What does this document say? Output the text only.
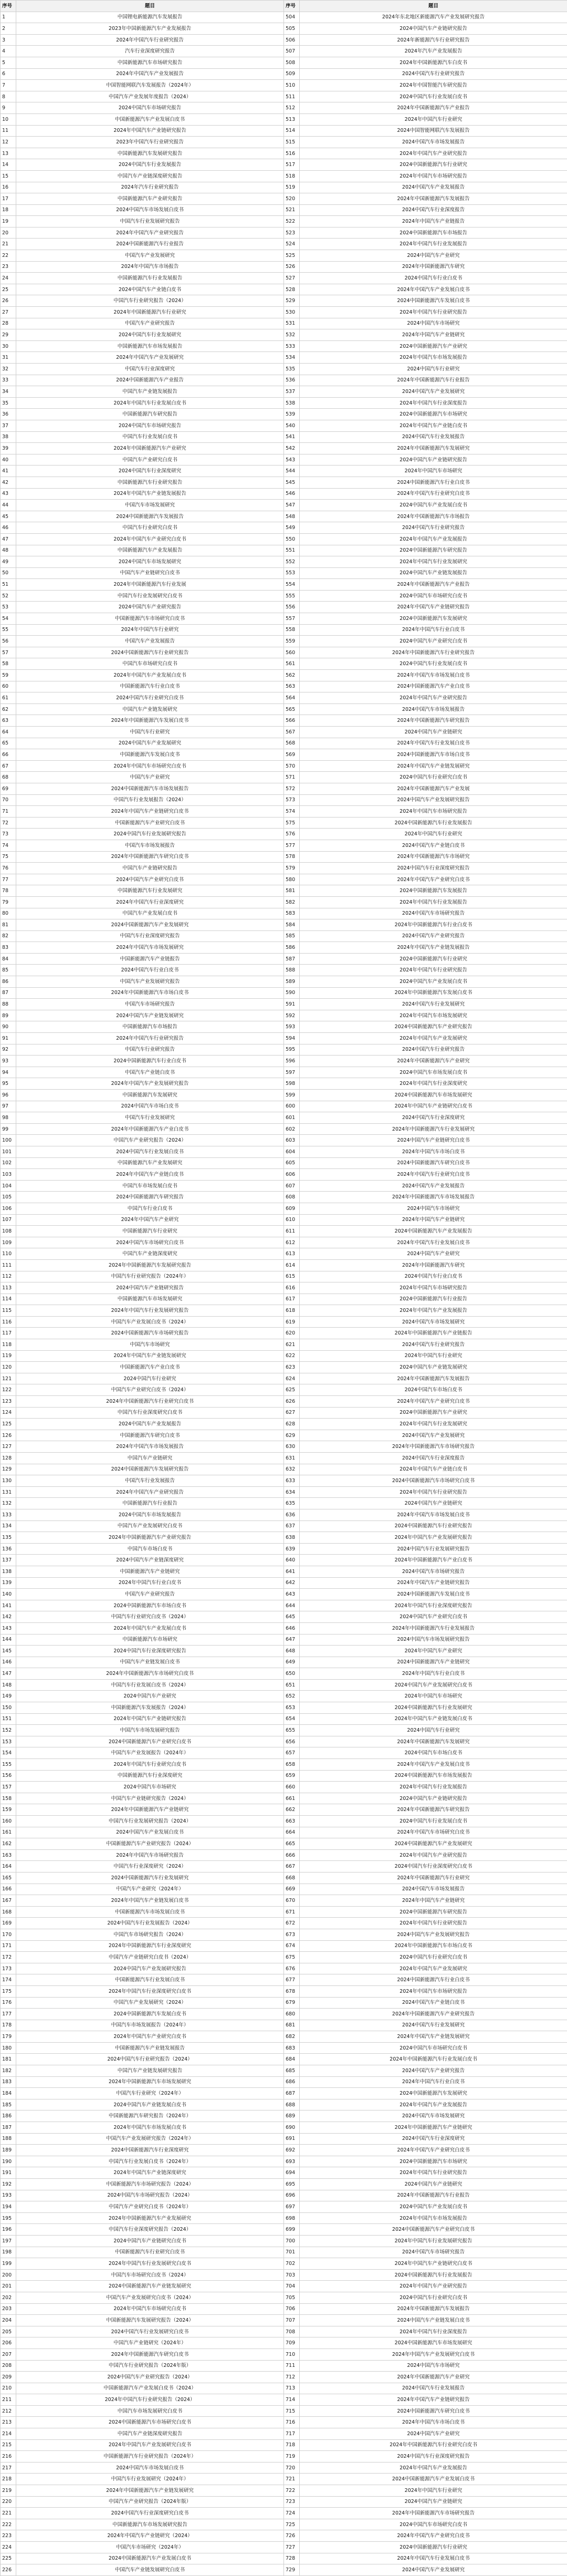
序号	题目	序号	题目
1	中国锂电新能源汽车发展报告	504	2024年东北地区新能源汽车产业发展研究报告
2	2023年中国新能源汽车产业发展报告	505	2024中国汽车产业链研究报告
3	2024年中国汽车行业研究报告	506	2024年新能源汽车行业研究报告
4	汽车行业深度研究报告	507	2024年汽车产业发展报告
5	中国新能源汽车市场研究报告	508	2024年中国新能源汽车白皮书
6	2024年中国汽车产业发展报告	509	2024中国汽车行业研究报告
7	中国智能网联汽车发展报告（2024年）	510	2024年中国智能汽车研究报告
8	中国汽车产业发展年度报告（2024）	511	2024中国汽车行业发展白皮书
9	2024中国汽车市场研究报告	512	2024年中国新能源汽车产业报告
10	中国新能源汽车产业发展白皮书	513	2024年中国汽车行业研究
11	2024年中国汽车产业链研究报告	514	2024中国智能网联汽车发展报告
12	2023年中国汽车行业研究报告	515	2024中国汽车市场发展报告
13	中国新能源汽车发展研究报告	516	2024年中国汽车产业研究报告
14	2024中国汽车行业发展报告	517	2024中国新能源汽车行业研究
15	中国汽车产业链深度研究报告	518	2024年中国汽车市场研究报告
16	2024年汽车行业研究报告	519	2024中国汽车产业发展报告
17	中国新能源汽车产业研究报告	520	2024年中国新能源汽车发展报告
18	2024中国汽车市场发展白皮书	521	2024中国汽车行业深度报告
19	中国汽车行业发展研究报告	522	2024年中国汽车产业链报告
20	2024年中国汽车产业研究报告	523	2024中国新能源汽车市场报告
21	2024中国新能源汽车行业报告	524	2024年中国汽车行业发展报告
22	中国汽车产业发展研究	525	2024中国汽车产业研究
23	2024年中国汽车市场报告	526	2024年中国新能源汽车研究
24	中国新能源汽车行业发展报告	527	2024中国汽车行业白皮书
25	2024中国汽车产业链白皮书	528	2024年中国汽车产业发展白皮书
26	中国汽车行业研究报告（2024）	529	2024中国新能源汽车发展白皮书
27	2024年中国新能源汽车行业研究	530	2024年中国汽车行业研究报告
28	中国汽车产业研究报告	531	2024中国汽车市场研究
29	2024中国汽车行业发展研究	532	2024年中国汽车产业链研究
30	中国新能源汽车市场发展报告	533	2024中国新能源汽车产业研究
31	2024年中国汽车产业发展研究	534	2024年中国汽车市场发展报告
32	中国汽车行业深度研究	535	2024中国汽车行业研究
33	2024中国新能源汽车产业报告	536	2024年中国新能源汽车行业报告
34	中国汽车产业链发展报告	537	2024中国汽车产业发展研究
35	2024年中国汽车行业发展白皮书	538	2024年中国汽车行业深度报告
36	中国新能源汽车研究报告	539	2024中国新能源汽车市场研究
37	2024中国汽车市场研究报告	540	2024年中国汽车产业链白皮书
38	中国汽车行业发展白皮书	541	2024中国汽车行业发展报告
39	2024年中国新能源汽车产业研究	542	2024年中国新能源汽车发展研究
40	中国汽车产业研究白皮书	543	2024中国汽车产业链研究报告
41	2024中国汽车行业深度研究	544	2024年中国汽车市场研究
42	中国新能源汽车行业研究报告	545	2024中国新能源汽车行业白皮书
43	2024年中国汽车产业链发展报告	546	2024年中国汽车行业研究白皮书
44	中国汽车市场发展研究	547	2024中国汽车产业发展白皮书
45	2024中国新能源汽车发展报告	548	2024年中国新能源汽车市场报告
46	中国汽车行业研究白皮书	549	2024中国汽车行业研究报告
47	2024年中国汽车产业研究白皮书	550	2024年中国汽车产业发展报告
48	中国新能源汽车产业发展报告	551	2024中国新能源汽车研究报告
49	2024中国汽车市场发展研究	552	2024年中国汽车行业发展研究
50	中国汽车产业链研究白皮书	553	2024中国汽车产业链发展报告
51	2024年中国新能源汽车行业发展	554	2024年中国新能源汽车产业报告
52	中国汽车行业发展研究白皮书	555	2024中国汽车市场研究白皮书
53	2024中国汽车产业研究报告	556	2024年中国汽车产业链研究报告
54	中国新能源汽车市场研究白皮书	557	2024中国新能源汽车发展研究
55	2024年中国汽车行业研究	558	2024年中国汽车行业白皮书
56	中国汽车产业发展报告	559	2024中国汽车产业研究白皮书
57	2024中国新能源汽车行业研究报告	560	2024年中国新能源汽车行业研究报告
58	中国汽车市场研究白皮书	561	2024中国汽车行业发展白皮书
59	2024年中国汽车产业发展白皮书	562	2024年中国汽车市场发展白皮书
60	中国新能源汽车行业白皮书	563	2024中国新能源汽车产业白皮书
61	2024中国汽车行业研究白皮书	564	2024年中国汽车产业研究报告
62	中国汽车产业链发展研究	565	2024中国汽车市场发展报告
63	2024年中国新能源汽车发展白皮书	566	2024年中国新能源汽车研究报告
64	中国汽车行业研究	567	2024中国汽车产业链研究
65	2024中国汽车产业发展研究	568	2024年中国汽车行业发展白皮书
66	中国新能源汽车发展白皮书	569	2024中国新能源汽车市场白皮书
67	2024年中国汽车市场研究白皮书	570	2024年中国汽车产业链发展研究
68	中国汽车产业研究	571	2024中国汽车行业研究白皮书
69	2024中国新能源汽车市场发展报告	572	2024年中国新能源汽车产业发展
70	中国汽车行业发展报告（2024）	573	2024中国汽车产业发展研究报告
71	2024年中国汽车产业链研究白皮书	574	2024年中国汽车市场研究报告
72	中国新能源汽车产业研究白皮书	575	2024中国新能源汽车行业发展报告
73	2024中国汽车行业发展研究报告	576	2024年中国汽车行业研究
74	中国汽车市场发展报告	577	2024中国汽车产业链白皮书
75	2024年中国新能源汽车研究白皮书	578	2024年中国新能源汽车市场研究
76	中国汽车产业链研究报告	579	2024中国汽车行业深度研究报告
77	2024中国汽车产业研究白皮书	580	2024年中国汽车产业研究白皮书
78	中国新能源汽车行业发展研究	581	2024中国新能源汽车发展报告
79	2024年中国汽车行业深度研究	582	2024年中国汽车行业发展报告
80	中国汽车产业发展白皮书	583	2024中国汽车市场研究报告
81	2024中国新能源汽车产业发展研究	584	2024年中国新能源汽车行业白皮书
82	中国汽车行业深度研究报告	585	2024中国汽车产业研究报告
83	2024年中国汽车市场发展研究	586	2024年中国汽车产业链发展报告
84	中国新能源汽车产业链报告	587	2024中国新能源汽车行业研究
85	2024中国汽车行业白皮书	588	2024年中国汽车行业研究报告
86	中国汽车产业发展研究报告	589	2024中国汽车产业发展白皮书
87	2024年中国新能源汽车市场白皮书	590	2024年中国新能源汽车发展白皮书
88	中国汽车市场研究报告	591	2024中国汽车行业发展研究
89	2024中国汽车产业链发展研究	592	2024年中国汽车市场发展研究
90	中国新能源汽车市场报告	593	2024中国新能源汽车产业研究报告
91	2024年中国汽车行业研究报告	594	2024年中国汽车产业发展研究
92	中国汽车行业研究报告	595	2024中国汽车行业研究报告
93	2024中国新能源汽车行业白皮书	596	2024年中国新能源汽车产业研究
94	中国汽车产业链白皮书	597	2024中国汽车市场发展白皮书
95	2024年中国汽车产业发展研究报告	598	2024年中国汽车行业深度研究
96	中国新能源汽车发展研究	599	2024中国新能源汽车市场发展研究
97	2024中国汽车市场白皮书	600	2024年中国汽车产业链研究白皮书
98	中国汽车行业发展研究	601	2024中国汽车行业深度研究
99	2024年中国新能源汽车产业白皮书	602	2024年中国新能源汽车行业发展研究
100	中国汽车产业研究报告（2024）	603	2024中国汽车产业链研究白皮书
101	2024中国汽车行业发展白皮书	604	2024年中国汽车市场白皮书
102	中国新能源汽车产业发展研究	605	2024中国新能源汽车研究白皮书
103	2024年中国汽车产业链白皮书	606	2024年中国汽车行业研究白皮书
104	中国汽车市场发展白皮书	607	2024中国汽车产业发展报告
105	2024中国新能源汽车研究报告	608	2024年中国新能源汽车市场发展报告
106	中国汽车行业白皮书	609	2024中国汽车市场研究
107	2024年中国汽车产业研究	610	2024年中国汽车产业链研究
108	中国新能源汽车行业研究	611	2024中国新能源汽车产业发展报告
109	2024中国汽车市场研究白皮书	612	2024年中国汽车行业发展白皮书
110	中国汽车产业链深度研究	613	2024中国汽车产业研究
111	2024年中国新能源汽车发展研究报告	614	2024年中国新能源汽车研究
112	中国汽车行业研究报告（2024年）	615	2024中国汽车行业白皮书
113	2024中国汽车产业链研究报告	616	2024年中国汽车市场研究报告
114	中国新能源汽车市场发展研究	617	2024中国新能源汽车行业报告
115	2024年中国汽车行业发展研究报告	618	2024年中国汽车产业发展报告
116	中国汽车产业发展白皮书（2024）	619	2024中国汽车市场发展研究
117	2024中国新能源汽车市场研究报告	620	2024年中国新能源汽车产业链报告
118	中国汽车市场研究	621	2024中国汽车行业研究报告
119	2024年中国汽车产业链发展研究	622	2024年中国汽车行业研究
120	中国新能源汽车产业白皮书	623	2024中国汽车产业链发展研究
121	2024中国汽车行业研究	624	2024年中国新能源汽车发展报告
122	中国汽车产业研究白皮书（2024）	625	2024中国汽车市场白皮书
123	2024年中国新能源汽车行业研究白皮书	626	2024年中国汽车产业研究白皮书
124	中国汽车行业深度研究白皮书	627	2024中国新能源汽车产业研究
125	2024中国汽车产业发展报告	628	2024年中国汽车行业发展研究
126	中国新能源汽车研究白皮书	629	2024中国汽车产业发展研究
127	2024年中国汽车市场发展报告	630	2024年中国新能源汽车市场研究报告
128	中国汽车产业链研究	631	2024中国汽车行业深度报告
129	2024中国新能源汽车发展研究报告	632	2024年中国汽车产业链白皮书
130	中国汽车行业发展报告	633	2024中国新能源汽车市场研究白皮书
131	2024年中国汽车产业研究报告	634	2024年中国汽车行业研究报告
132	中国新能源汽车行业报告	635	2024中国汽车产业链研究
133	2024中国汽车市场发展报告	636	2024年中国汽车市场发展白皮书
134	中国汽车产业发展研究白皮书	637	2024中国新能源汽车行业研究报告
135	2024年中国新能源汽车产业研究报告	638	2024年中国汽车产业发展研究报告
136	中国汽车市场白皮书	639	2024中国汽车行业发展研究报告
137	2024中国汽车产业链深度研究	640	2024年中国新能源汽车产业白皮书
138	中国新能源汽车产业链研究	641	2024中国汽车市场研究报告
139	2024年中国汽车行业白皮书	642	2024年中国汽车产业链研究报告
140	中国汽车产业研究报告	643	2024中国新能源汽车发展白皮书
141	2024中国新能源汽车市场白皮书	644	2024年中国汽车行业深度研究报告
142	中国汽车行业研究白皮书（2024）	645	2024中国汽车产业研究白皮书
143	2024年中国汽车产业发展白皮书	646	2024年中国新能源汽车行业发展报告
144	中国新能源汽车市场研究	647	2024中国汽车市场发展研究报告
145	2024中国汽车行业深度研究报告	648	2024年中国汽车产业研究
146	中国汽车产业链发展白皮书	649	2024中国新能源汽车产业链研究
147	2024年中国新能源汽车市场研究白皮书	650	2024年中国汽车行业白皮书
148	中国汽车行业发展白皮书（2024）	651	2024中国汽车产业发展研究白皮书
149	2024中国汽车产业研究	652	2024年中国汽车市场研究
150	中国新能源汽车发展报告（2024）	653	2024中国新能源汽车行业发展研究
151	2024年中国汽车产业链研究报告	654	2024年中国汽车产业链发展白皮书
152	中国汽车市场发展研究报告	655	2024中国汽车行业研究
153	2024中国新能源汽车产业研究白皮书	656	2024年中国新能源汽车发展研究
154	中国汽车产业发展报告（2024年）	657	2024中国汽车市场白皮书
155	2024年中国汽车行业研究白皮书	658	2024年中国汽车产业发展白皮书
156	中国新能源汽车行业深度研究	659	2024中国新能源汽车市场发展报告
157	2024中国汽车市场研究	660	2024年中国汽车行业发展报告
158	中国汽车产业链研究报告（2024）	661	2024中国汽车产业链研究报告
159	2024年中国新能源汽车产业链研究	662	2024年中国新能源汽车研究报告
160	中国汽车行业发展研究报告（2024）	663	2024中国汽车行业发展白皮书
161	2024中国汽车产业发展白皮书	664	2024年中国汽车市场研究白皮书
162	中国新能源汽车产业研究报告（2024）	665	2024中国新能源汽车产业发展研究
163	2024年中国汽车市场研究报告	666	2024年中国汽车产业研究报告
164	中国汽车行业深度研究（2024）	667	2024中国汽车行业深度研究白皮书
165	2024中国新能源汽车行业发展研究	668	2024年中国新能源汽车行业研究
166	中国汽车产业研究（2024年）	669	2024中国汽车市场发展报告
167	2024年中国汽车产业链发展白皮书	670	2024年中国汽车产业链研究
168	中国新能源汽车市场发展白皮书	671	2024中国新能源汽车研究报告
169	2024中国汽车行业发展报告（2024）	672	2024年中国汽车行业研究报告
170	中国汽车市场研究报告（2024）	673	2024中国汽车产业发展研究报告
171	2024年中国新能源汽车行业深度研究	674	2024年中国新能源汽车市场白皮书
172	中国汽车产业链研究白皮书（2024）	675	2024中国汽车行业研究白皮书
173	2024中国汽车产业发展研究报告	676	2024年中国汽车产业发展研究
174	中国新能源汽车行业发展白皮书	677	2024中国新能源汽车行业白皮书
175	2024年中国汽车行业深度研究白皮书	678	2024年中国汽车市场研究报告
176	中国汽车产业发展研究（2024）	679	2024中国汽车产业链白皮书
177	2024中国新能源汽车发展白皮书	680	2024年中国新能源汽车产业研究报告
178	中国汽车市场发展报告（2024年）	681	2024中国汽车行业发展研究
179	2024年中国汽车产业研究白皮书	682	2024年中国汽车产业链发展研究
180	中国新能源汽车产业链发展报告	683	2024中国汽车市场研究白皮书
181	2024中国汽车行业研究报告（2024）	684	2024年中国新能源汽车行业发展白皮书
182	中国汽车产业链发展研究报告	685	2024中国汽车产业研究报告
183	2024年中国新能源汽车市场发展研究	686	2024年中国汽车行业白皮书
184	中国汽车行业研究（2024年）	687	2024中国新能源汽车发展研究
185	2024中国汽车产业链发展白皮书	688	2024年中国汽车产业发展报告
186	中国新能源汽车研究报告（2024年）	689	2024中国汽车市场发展研究
187	2024年中国汽车市场发展白皮书	690	2024年中国新能源汽车产业链研究
188	中国汽车产业发展研究报告（2024年）	691	2024中国汽车行业深度研究
189	2024中国新能源汽车行业深度研究	692	2024年中国汽车产业研究白皮书
190	中国汽车行业发展白皮书（2024年）	693	2024中国新能源汽车市场研究
191	2024年中国汽车产业链深度研究	694	2024年中国汽车行业研究报告
192	中国新能源汽车市场研究报告（2024）	695	2024中国汽车产业链研究
193	2024中国汽车市场研究报告（2024）	696	2024年中国新能源汽车行业报告
194	中国汽车产业研究白皮书（2024年）	697	2024中国汽车产业发展白皮书
195	2024年中国新能源汽车产业发展研究	698	2024年中国汽车市场发展报告
196	中国汽车行业深度研究报告（2024）	699	2024中国新能源汽车产业研究白皮书
197	2024中国汽车产业链研究白皮书	700	2024年中国汽车行业发展研究报告
198	中国新能源汽车行业研究白皮书	701	2024中国汽车市场研究报告
199	2024年中国汽车行业发展研究白皮书	702	2024年中国汽车产业链研究白皮书
200	中国汽车市场研究白皮书（2024）	703	2024中国新能源汽车行业发展报告
201	2024中国新能源汽车产业链发展研究	704	2024年中国汽车产业研究报告
202	中国汽车产业发展研究白皮书（2024）	705	2024中国汽车行业研究白皮书
203	2024年中国汽车市场研究白皮书	706	2024年中国新能源汽车发展报告
204	中国新能源汽车发展研究报告（2024）	707	2024中国汽车产业链发展白皮书
205	2024中国汽车行业发展研究白皮书	708	2024年中国汽车行业深度报告
206	中国汽车产业链研究（2024年）	709	2024中国新能源汽车市场发展研究
207	2024年中国新能源汽车研究白皮书	710	2024年中国汽车产业发展研究白皮书
208	中国汽车行业研究报告（2024年版）	711	2024中国汽车市场研究
209	2024中国汽车产业研究报告（2024）	712	2024年中国新能源汽车产业研究
210	中国新能源汽车产业发展白皮书（2024）	713	2024中国汽车行业发展报告
211	2024年中国汽车行业研究报告（2024）	714	2024年中国汽车产业链研究报告
212	中国汽车市场发展研究白皮书	715	2024中国新能源汽车研究白皮书
213	2024中国新能源汽车市场研究白皮书	716	2024年中国汽车市场白皮书
214	中国汽车产业链深度研究报告	717	2024中国汽车产业研究
215	2024年中国汽车产业发展研究白皮书	718	2024年中国新能源汽车行业研究白皮书
216	中国新能源汽车行业研究报告（2024年）	719	2024中国汽车行业深度研究报告
217	2024中国汽车市场发展白皮书	720	2024年中国汽车产业发展报告
218	中国汽车行业发展研究（2024年）	721	2024中国新能源汽车产业发展白皮书
219	2024年中国新能源汽车产业链发展研究	722	2024年中国汽车行业研究
220	中国汽车产业研究报告（2024年版）	723	2024中国汽车产业链研究
221	2024中国汽车行业深度研究白皮书	724	2024年中国新能源汽车市场研究报告
222	中国新能源汽车市场发展研究报告	725	2024中国汽车市场研究白皮书
223	2024年中国汽车产业链研究（2024）	726	2024年中国汽车产业研究白皮书
224	中国汽车市场研究（2024年）	727	2024中国新能源汽车行业研究
225	2024中国新能源汽车产业发展白皮书	728	2024年中国汽车行业发展白皮书
226	中国汽车产业链发展研究白皮书	729	2024中国汽车产业发展研究
